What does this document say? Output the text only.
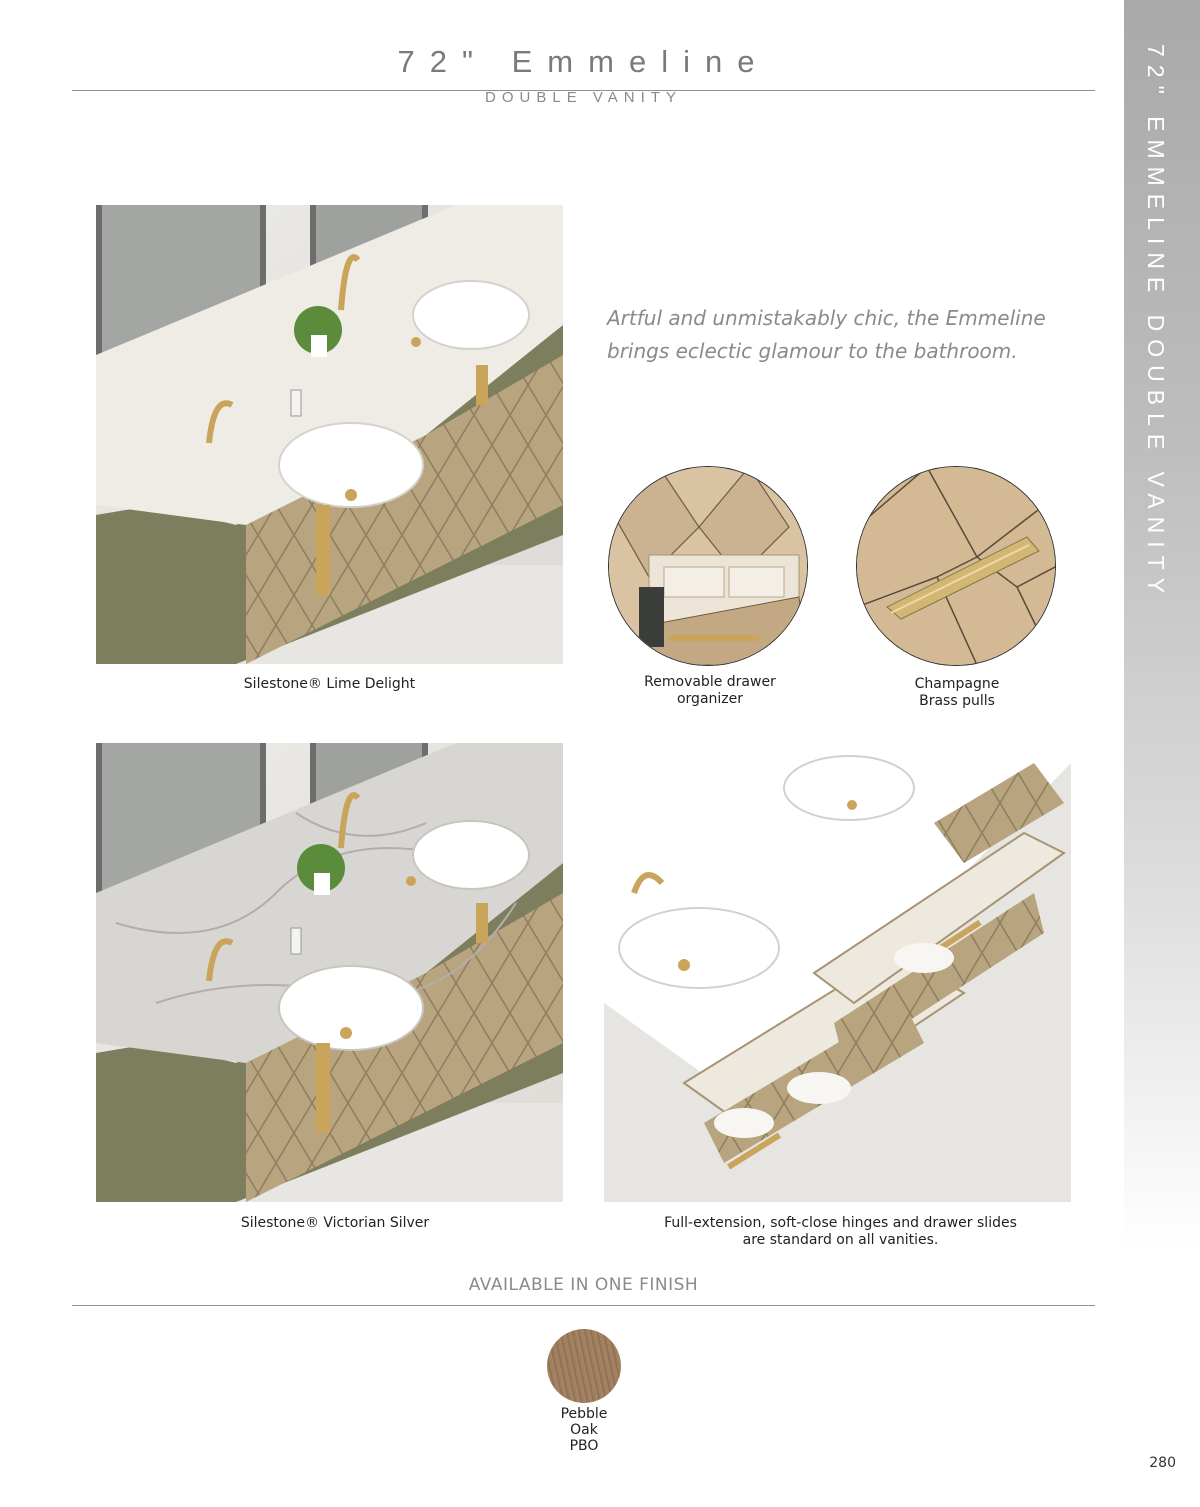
72" Emmeline
DOUBLE VANITY	72" EMMELINE DOUBLE VANITY
Silestone® Lime Delight
Artful and unmistakably chic, the Emmeline brings eclectic glamour to the bathroom.
Removable drawer
organizer
Champagne
Brass pulls
Silestone® Victorian Silver	Full-extension, soft-close hinges and drawer slides
are standard on all vanities.
AVAILABLE IN ONE FINISH
Pebble
Oak
PBO
280
